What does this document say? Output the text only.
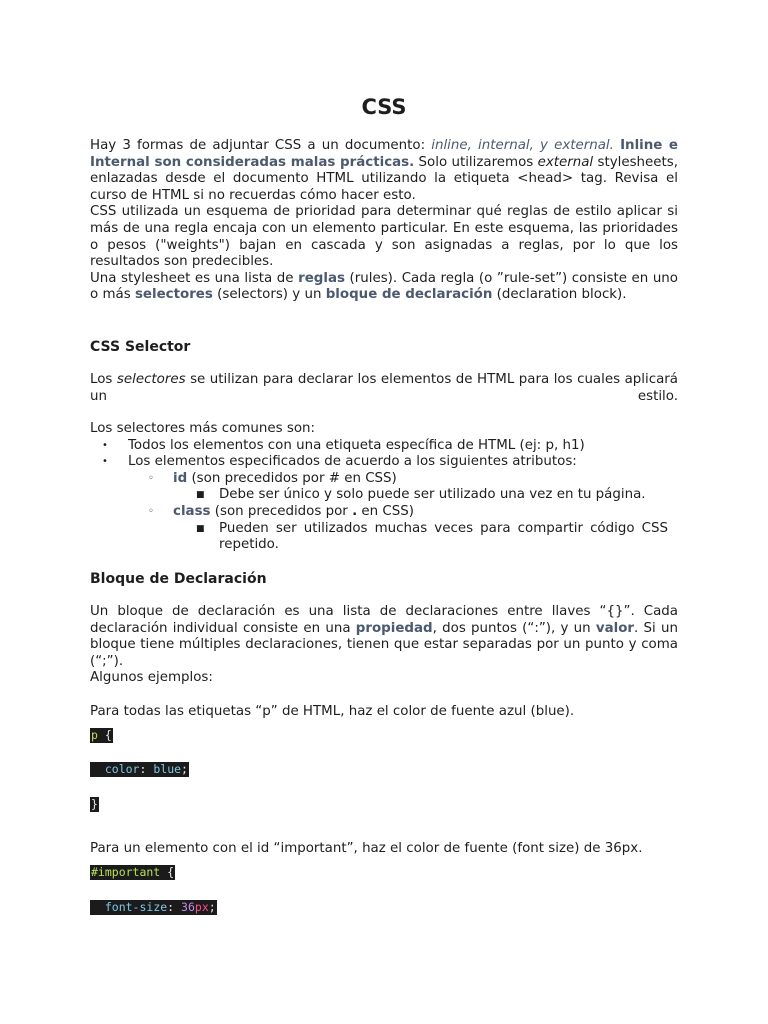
CSS

Hay 3 formas de adjuntar CSS a un documento: inline, internal, y external. Inline e Internal son consideradas malas prácticas. Solo utilizaremos external stylesheets, enlazadas desde el documento HTML utilizando la etiqueta <head> tag. Revisa el curso de HTML si no recuerdas cómo hacer esto.

CSS utilizada un esquema de prioridad para determinar qué reglas de estilo aplicar si más de una regla encaja con un elemento particular. En este esquema, las prioridades o pesos ("weights") bajan en cascada y son asignadas a reglas, por lo que los resultados son predecibles.

Una stylesheet es una lista de reglas (rules). Cada regla (o ”rule-set”) consiste en uno o más selectores (selectors) y un bloque de declaración (declaration block).

CSS Selector

Los selectores se utilizan para declarar los elementos de HTML para los cuales aplicará un estilo.

Los selectores más comunes son:

• Todos los elementos con una etiqueta específica de HTML (ej: p, h1)
• Los elementos especificados de acuerdo a los siguientes atributos:
◦ id (son precedidos por # en CSS)
■ Debe ser único y solo puede ser utilizado una vez en tu página.
◦ class (son precedidos por . en CSS)
■ Pueden ser utilizados muchas veces para compartir código CSS repetido.
Bloque de Declaración

Un bloque de declaración es una lista de declaraciones entre llaves “{}”. Cada declaración individual consiste en una propiedad, dos puntos (“:”), y un valor. Si un bloque tiene múltiples declaraciones, tienen que estar separadas por un punto y coma (“;”).

Algunos ejemplos:

Para todas las etiquetas “p” de HTML, haz el color de fuente azul (blue).

p {
color: blue;
}

Para un elemento con el id “important”, haz el color de fuente (font size) de 36px.

#important {
font-size: 36px;
